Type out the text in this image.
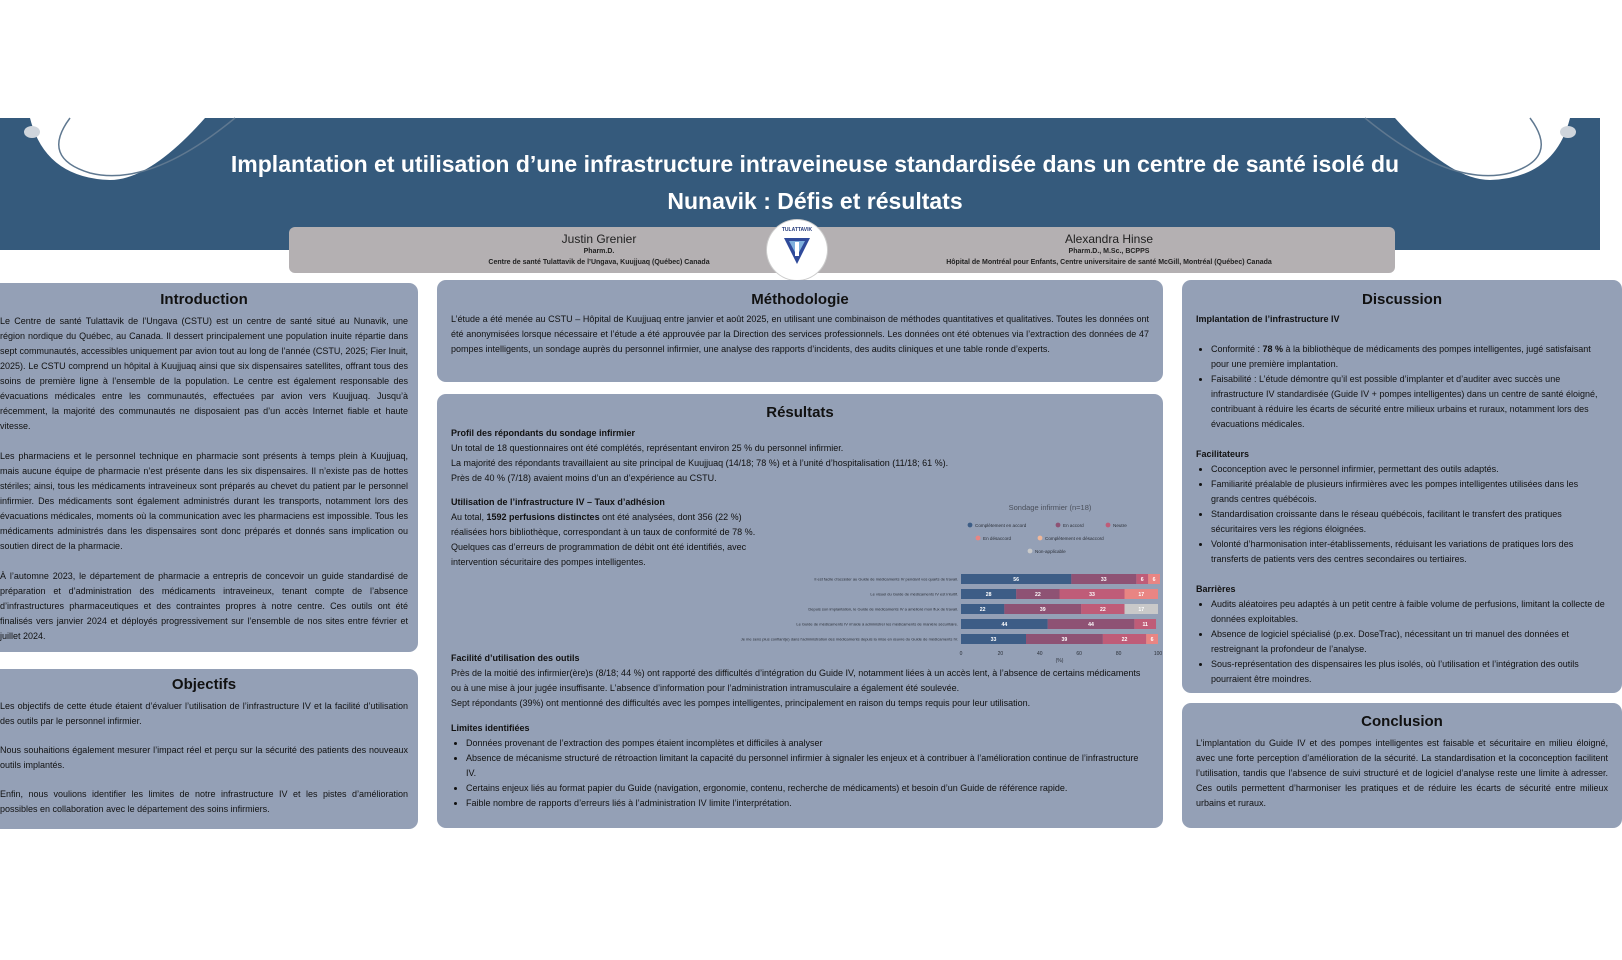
Implantation et utilisation d’une infrastructure intraveineuse standardisée dans un centre de santé isolé du
Nunavik : Défis et résultats
Justin Grenier
Pharm.D.
Centre de santé Tulattavik de l’Ungava, Kuujjuaq (Québec) Canada
TULATTAVIK
Alexandra Hinse
Pharm.D., M.Sc., BCPPS
Hôpital de Montréal pour Enfants, Centre universitaire de santé McGill, Montréal (Québec) Canada
Introduction

Le Centre de santé Tulattavik de l’Ungava (CSTU) est un centre de santé situé au Nunavik, une région nordique du Québec, au Canada. Il dessert principalement une population inuite répartie dans sept communautés, accessibles uniquement par avion tout au long de l’année (CSTU, 2025; Fier Inuit, 2025). Le CSTU comprend un hôpital à Kuujjuaq ainsi que six dispensaires satellites, offrant tous des soins de première ligne à l’ensemble de la population. Le centre est également responsable des évacuations médicales entre les communautés, effectuées par avion vers Kuujjuaq. Jusqu’à récemment, la majorité des communautés ne disposaient pas d’un accès Internet fiable et haute vitesse.

Les pharmaciens et le personnel technique en pharmacie sont présents à temps plein à Kuujjuaq, mais aucune équipe de pharmacie n’est présente dans les six dispensaires. Il n’existe pas de hottes stériles; ainsi, tous les médicaments intraveineux sont préparés au chevet du patient par le personnel infirmier. Des médicaments sont également administrés durant les transports, notamment lors des évacuations médicales, moments où la communication avec les pharmaciens est impossible. Tous les médicaments administrés dans les dispensaires sont donc préparés et donnés sans implication ou soutien direct de la pharmacie.

À l’automne 2023, le département de pharmacie a entrepris de concevoir un guide standardisé de préparation et d’administration des médicaments intraveineux, tenant compte de l’absence d’infrastructures pharmaceutiques et des contraintes propres à notre centre. Ces outils ont été finalisés vers janvier 2024 et déployés progressivement sur l’ensemble de nos sites entre février et juillet 2024.

Objectifs

Les objectifs de cette étude étaient d’évaluer l’utilisation de l’infrastructure IV et la facilité d’utilisation des outils par le personnel infirmier.

Nous souhaitions également mesurer l’impact réel et perçu sur la sécurité des patients des nouveaux outils implantés.

Enfin, nous voulions identifier les limites de notre infrastructure IV et les pistes d’amélioration possibles en collaboration avec le département des soins infirmiers.

Méthodologie

L’étude a été menée au CSTU – Hôpital de Kuujjuaq entre janvier et août 2025, en utilisant une combinaison de méthodes quantitatives et qualitatives. Toutes les données ont été anonymisées lorsque nécessaire et l’étude a été approuvée par la Direction des services professionnels. Les données ont été obtenues via l’extraction des données de 47 pompes intelligents, un sondage auprès du personnel infirmier, une analyse des rapports d’incidents, des audits cliniques et une table ronde d’experts.

Résultats
Profil des répondants du sondage infirmier
Un total de 18 questionnaires ont été complétés, représentant environ 25 % du personnel infirmier.
La majorité des répondants travaillaient au site principal de Kuujjuaq (14/18; 78 %) et à l’unité d’hospitalisation (11/18; 61 %).
Près de 40 % (7/18) avaient moins d’un an d’expérience au CSTU.
Utilisation de l’infrastructure IV – Taux d’adhésion
Au total, 1592 perfusions distinctes ont été analysées, dont 356 (22 %) réalisées hors bibliothèque, correspondant à un taux de conformité de 78 %. Quelques cas d’erreurs de programmation de débit ont été identifiés, avec intervention sécuritaire des pompes intelligentes.
Facilité d’utilisation des outils
Près de la moitié des infirmier(ère)s (8/18; 44 %) ont rapporté des difficultés d’intégration du Guide IV, notamment liées à un accès lent, à l’absence de certains médicaments ou à une mise à jour jugée insuffisante. L’absence d’information pour l’administration intramusculaire a également été soulevée.
Sept répondants (39%) ont mentionné des difficultés avec les pompes intelligentes, principalement en raison du temps requis pour leur utilisation.
Limites identifiées
• Données provenant de l’extraction des pompes étaient incomplètes et difficiles à analyser
• Absence de mécanisme structuré de rétroaction limitant la capacité du personnel infirmier à signaler les enjeux et à contribuer à l’amélioration continue de l’infrastructure IV.
• Certains enjeux liés au format papier du Guide (navigation, ergonomie, contenu, recherche de médicaments) et besoin d’un Guide de référence rapide.
• Faible nombre de rapports d’erreurs liés à l’administration IV limite l’interprétation.
Sondage infirmier (n=18)
Complètement en accord	En accord	Neutre
En désaccord	Complètement en désaccord
Non-applicable
Il est facile d’accéder au Guide de médicaments IV pendant vos quarts de travail.	56	33	6 6
Le visuel du Guide de médicaments IV est intuitif.	28	22	33	17
Depuis son implantation, le Guide de médicaments IV a amélioré mon flux de travail.	22	39	22	17
Le Guide de médicaments IV m’aide à administrer les médicaments de manière sécuritaire.	44	44	11
Je me sens plus confiant(e) dans l’administration des médicaments depuis la mise en œuvre du Guide de médicaments IV.	33	39	22	6
0	20	40	60	80	100
(%)
Discussion
Implantation de l’infrastructure IV
• Conformité : 78 % à la bibliothèque de médicaments des pompes intelligentes, jugé satisfaisant pour une première implantation.
• Faisabilité : L’étude démontre qu’il est possible d’implanter et d’auditer avec succès une infrastructure IV standardisée (Guide IV + pompes intelligentes) dans un centre de santé éloigné, contribuant à réduire les écarts de sécurité entre milieux urbains et ruraux, notamment lors des évacuations médicales.
Facilitateurs
• Coconception avec le personnel infirmier, permettant des outils adaptés.
• Familiarité préalable de plusieurs infirmières avec les pompes intelligentes utilisées dans les grands centres québécois.
• Standardisation croissante dans le réseau québécois, facilitant le transfert des pratiques sécuritaires vers les régions éloignées.
• Volonté d’harmonisation inter-établissements, réduisant les variations de pratiques lors des transferts de patients vers des centres secondaires ou tertiaires.
Barrières
• Audits aléatoires peu adaptés à un petit centre à faible volume de perfusions, limitant la collecte de données exploitables.
• Absence de logiciel spécialisé (p.ex. DoseTrac), nécessitant un tri manuel des données et restreignant la profondeur de l’analyse.
• Sous-représentation des dispensaires les plus isolés, où l’utilisation et l’intégration des outils pourraient être moindres.
Conclusion

L’implantation du Guide IV et des pompes intelligentes est faisable et sécuritaire en milieu éloigné, avec une forte perception d’amélioration de la sécurité. La standardisation et la coconception facilitent l’utilisation, tandis que l’absence de suivi structuré et de logiciel d’analyse reste une limite à adresser. Ces outils permettent d’harmoniser les pratiques et de réduire les écarts de sécurité entre milieux urbains et ruraux.
